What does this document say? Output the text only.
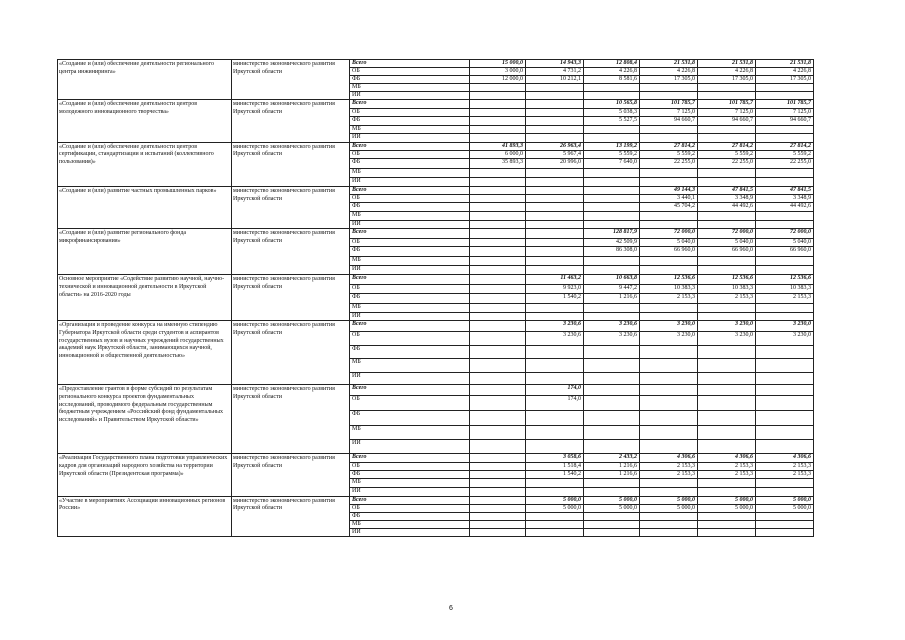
«Создание и (или) обеспечение деятельности регионального центра инжиниринга»	министерство экономического развития Иркутской области	Всего	15 000,0	14 943,3	12 808,4	21 531,8	21 531,8	21 531,8
		ОБ	3 000,0	4 731,2	4 226,8	4 226,8	4 226,8	4 226,8
		ФБ	12 000,0	10 212,1	8 581,6	17 305,0	17 305,0	17 305,0
		МБ						
		ИИ						
«Создание и (или) обеспечение деятельности центров молодежного инновационного творчества»	министерство экономического развития Иркутской области	Всего			10 565,8	101 785,7	101 785,7	101 785,7
		ОБ			5 038,3	7 125,0	7 125,0	7 125,0
		ФБ			5 527,5	94 660,7	94 660,7	94 660,7
		МБ						
		ИИ						
«Создание и (или) обеспечение деятельности центров сертификации, стандартизации и испытаний (коллективного пользования)»	министерство экономического развития Иркутской области	Всего	41 893,3	26 963,4	13 199,2	27 814,2	27 814,2	27 814,2
		ОБ	6 000,0	5 967,4	5 559,2	5 559,2	5 559,2	5 559,2
		ФБ	35 893,3	20 996,0	7 640,0	22 255,0	22 255,0	22 255,0
		МБ						
		ИИ						
«Создание и (или) развитие частных промышленных парков»	министерство экономического развития Иркутской области	Всего				49 144,3	47 841,5	47 841,5
		ОБ				3 440,1	3 348,9	3 348,9
		ФБ				45 704,2	44 492,6	44 492,6
		МБ						
		ИИ						
«Создание и (или) развитие регионального фонда микрофинансирования»	министерство экономического развития Иркутской области	Всего			128 817,9	72 000,0	72 000,0	72 000,0
		ОБ			42 509,9	5 040,0	5 040,0	5 040,0
		ФБ			86 308,0	66 960,0	66 960,0	66 960,0
		МБ						
		ИИ						
Основное мероприятие «Содействие развитию научной, научно-технической и инновационной деятельности в Иркутской области» на 2016-2020 годы	министерство экономического развития Иркутской области	Всего		11 463,2	10 663,8	12 536,6	12 536,6	12 536,6
		ОБ		9 923,0	9 447,2	10 383,3	10 383,3	10 383,3
		ФБ		1 540,2	1 216,6	2 153,3	2 153,3	2 153,3
		МБ						
		ИИ						
«Организация и проведение конкурса на именную стипендию Губернатора Иркутской области среди студентов и аспирантов государственных вузов и научных учреждений государственных академий наук Иркутской области, занимающихся научной, инновационной и общественной деятельностью»	министерство экономического развития Иркутской области	Всего		3 230,6	3 230,6	3 230,0	3 230,0	3 230,0
		ОБ		3 230,6	3 230,6	3 230,0	3 230,0	3 230,0
		ФБ						
		МБ						
		ИИ						
«Предоставление грантов в форме субсидий по результатам регионального конкурса проектов фундаментальных исследований, проводимого федеральным государственным бюджетным учреждением «Российский фонд фундаментальных исследований» и Правительством Иркутской области»	министерство экономического развития Иркутской области	Всего		174,0				
		ОБ		174,0				
		ФБ						
		МБ						
		ИИ						
«Реализация Государственного плана подготовки управленческих кадров для организаций народного хозяйства на территории Иркутской области (Президентская программа)»	министерство экономического развития Иркутской области	Всего		3 058,6	2 433,2	4 306,6	4 306,6	4 306,6
		ОБ		1 518,4	1 216,6	2 153,3	2 153,3	2 153,3
		ФБ		1 540,2	1 216,6	2 153,3	2 153,3	2 153,3
		МБ						
		ИИ						
«Участие в мероприятиях Ассоциации инновационных регионов России»	министерство экономического развития Иркутской области	Всего		5 000,0	5 000,0	5 000,0	5 000,0	5 000,0
		ОБ		5 000,0	5 000,0	5 000,0	5 000,0	5 000,0
		ФБ						
		МБ						
		ИИ						
6
